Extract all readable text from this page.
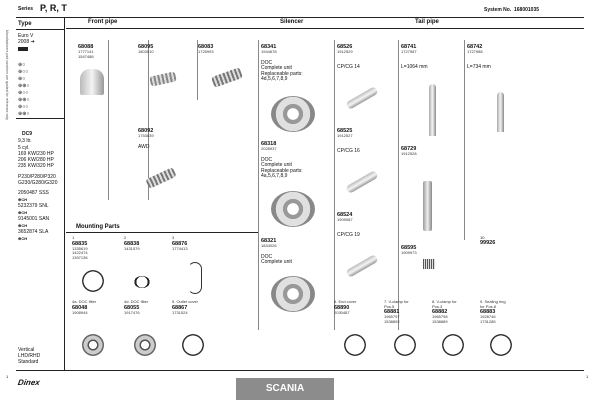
Manufacturers part numbers are quoted for reference only
Series P, R, T	System No. 168001035
Front pipe	Silencer	Tail pipe
Type
Euro V
2008 ➜
⊕○
⊕○○
⊕○
⊕⊕○
⊕○○
⊕⊕○
⊕○○
⊕⊕○
DC9
9,3 ltr.
5 cyl.
169 KW/230 HP
206 KW/280 HP
235 KW/320 HP
P230/P280/P320
G230/G280/G320
2050487 SSS
⊕CH
5232379 SNL
⊕CH
9145001 SAN
⊕CH
3652874 SLA
⊕CH
Vertical
LHD/RHD
Standard
68088
1777141
1547488
68095
1803510
68083
1725993
68092
1753839
AWD
68341
1944678
DOC
Complete unit
Replaceable parts:
4d,5,6,7,8,9
68318
2028937
DOC
Complete unit
Replaceable parts:
4a,5,6,7,8,9
68321
1834026
DOC
Complete unit
68526
1912529
CP/CG 14
68525
1912527
CP/CG 16
68524
1909087
CP/CG 19
68741
1727987
L=1064 mm
68742
1727988
L=734 mm
68729
1912528
68595
1909973
10
99926
Mounting Parts
1
68835
1335619
1422474
1397136
2
68838
1431579
3
68876
1774413
4a. DOC filter
68048
1908944
4d. DOC filter
68055
1917476
5. Outlet cover
68867
1731524
6. End cover
68890
2030487
7. V-clamp for
Pos.5
68881
1965797
1538892
8. V-clamp for
Pos.3
68882
1965798
1538889
9. Sealing ring
for Pos.8
68883
1928746
1731285
1	1
Dinex
SCANIA
